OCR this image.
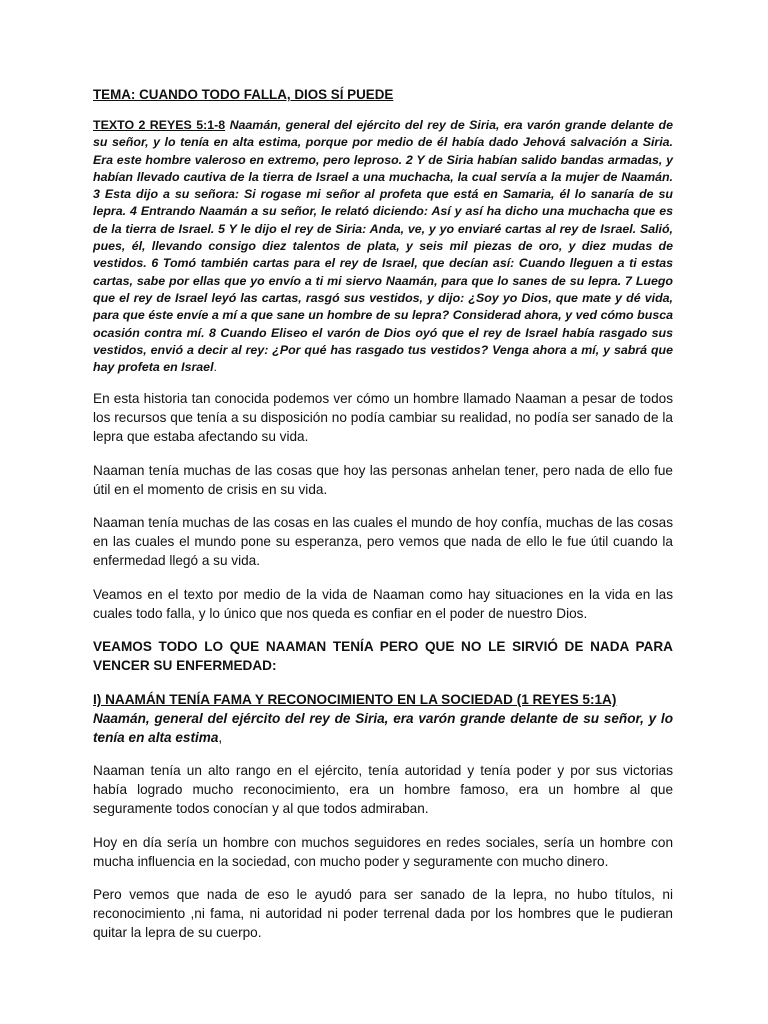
TEMA: CUANDO TODO FALLA, DIOS SÍ PUEDE
TEXTO 2 REYES 5:1-8 Naamán, general del ejército del rey de Siria, era varón grande delante de su señor, y lo tenía en alta estima, porque por medio de él había dado Jehová salvación a Siria. Era este hombre valeroso en extremo, pero leproso. 2 Y de Siria habían salido bandas armadas, y habían llevado cautiva de la tierra de Israel a una muchacha, la cual servía a la mujer de Naamán. 3 Esta dijo a su señora: Si rogase mi señor al profeta que está en Samaria, él lo sanaría de su lepra. 4 Entrando Naamán a su señor, le relató diciendo: Así y así ha dicho una muchacha que es de la tierra de Israel. 5 Y le dijo el rey de Siria: Anda, ve, y yo enviaré cartas al rey de Israel. Salió, pues, él, llevando consigo diez talentos de plata, y seis mil piezas de oro, y diez mudas de vestidos. 6 Tomó también cartas para el rey de Israel, que decían así: Cuando lleguen a ti estas cartas, sabe por ellas que yo envío a ti mi siervo Naamán, para que lo sanes de su lepra. 7 Luego que el rey de Israel leyó las cartas, rasgó sus vestidos, y dijo: ¿Soy yo Dios, que mate y dé vida, para que éste envíe a mí a que sane un hombre de su lepra? Considerad ahora, y ved cómo busca ocasión contra mí. 8 Cuando Eliseo el varón de Dios oyó que el rey de Israel había rasgado sus vestidos, envió a decir al rey: ¿Por qué has rasgado tus vestidos? Venga ahora a mí, y sabrá que hay profeta en Israel.
En esta historia tan conocida podemos ver cómo un hombre llamado Naaman a pesar de todos los recursos que tenía a su disposición no podía cambiar su realidad, no podía ser sanado de la lepra que estaba afectando su vida.
Naaman tenía muchas de las cosas que hoy las personas anhelan tener, pero nada de ello fue útil en el momento de crisis en su vida.
Naaman tenía muchas de las cosas en las cuales el mundo de hoy confía, muchas de las cosas en las cuales el mundo pone su esperanza, pero vemos que nada de ello le fue útil cuando la enfermedad llegó a su vida.
Veamos en el texto por medio de la vida de Naaman como hay situaciones en la vida en las cuales todo falla, y lo único que nos queda es confiar en el poder de nuestro Dios.
VEAMOS TODO LO QUE NAAMAN TENÍA PERO QUE NO LE SIRVIÓ DE NADA PARA VENCER SU ENFERMEDAD:
I) NAAMÁN TENÍA FAMA Y RECONOCIMIENTO EN LA SOCIEDAD (1 REYES 5:1A)
Naamán, general del ejército del rey de Siria, era varón grande delante de su señor, y lo tenía en alta estima,
Naaman tenía un alto rango en el ejército, tenía autoridad y tenía poder y por sus victorias había logrado mucho reconocimiento, era un hombre famoso, era un hombre al que seguramente todos conocían y al que todos admiraban.
Hoy en día sería un hombre con muchos seguidores en redes sociales, sería un hombre con mucha influencia en la sociedad, con mucho poder y seguramente con mucho dinero.
Pero vemos que nada de eso le ayudó para ser sanado de la lepra, no hubo títulos, ni reconocimiento ,ni fama, ni autoridad ni poder terrenal dada por los hombres que le pudieran quitar la lepra de su cuerpo.
